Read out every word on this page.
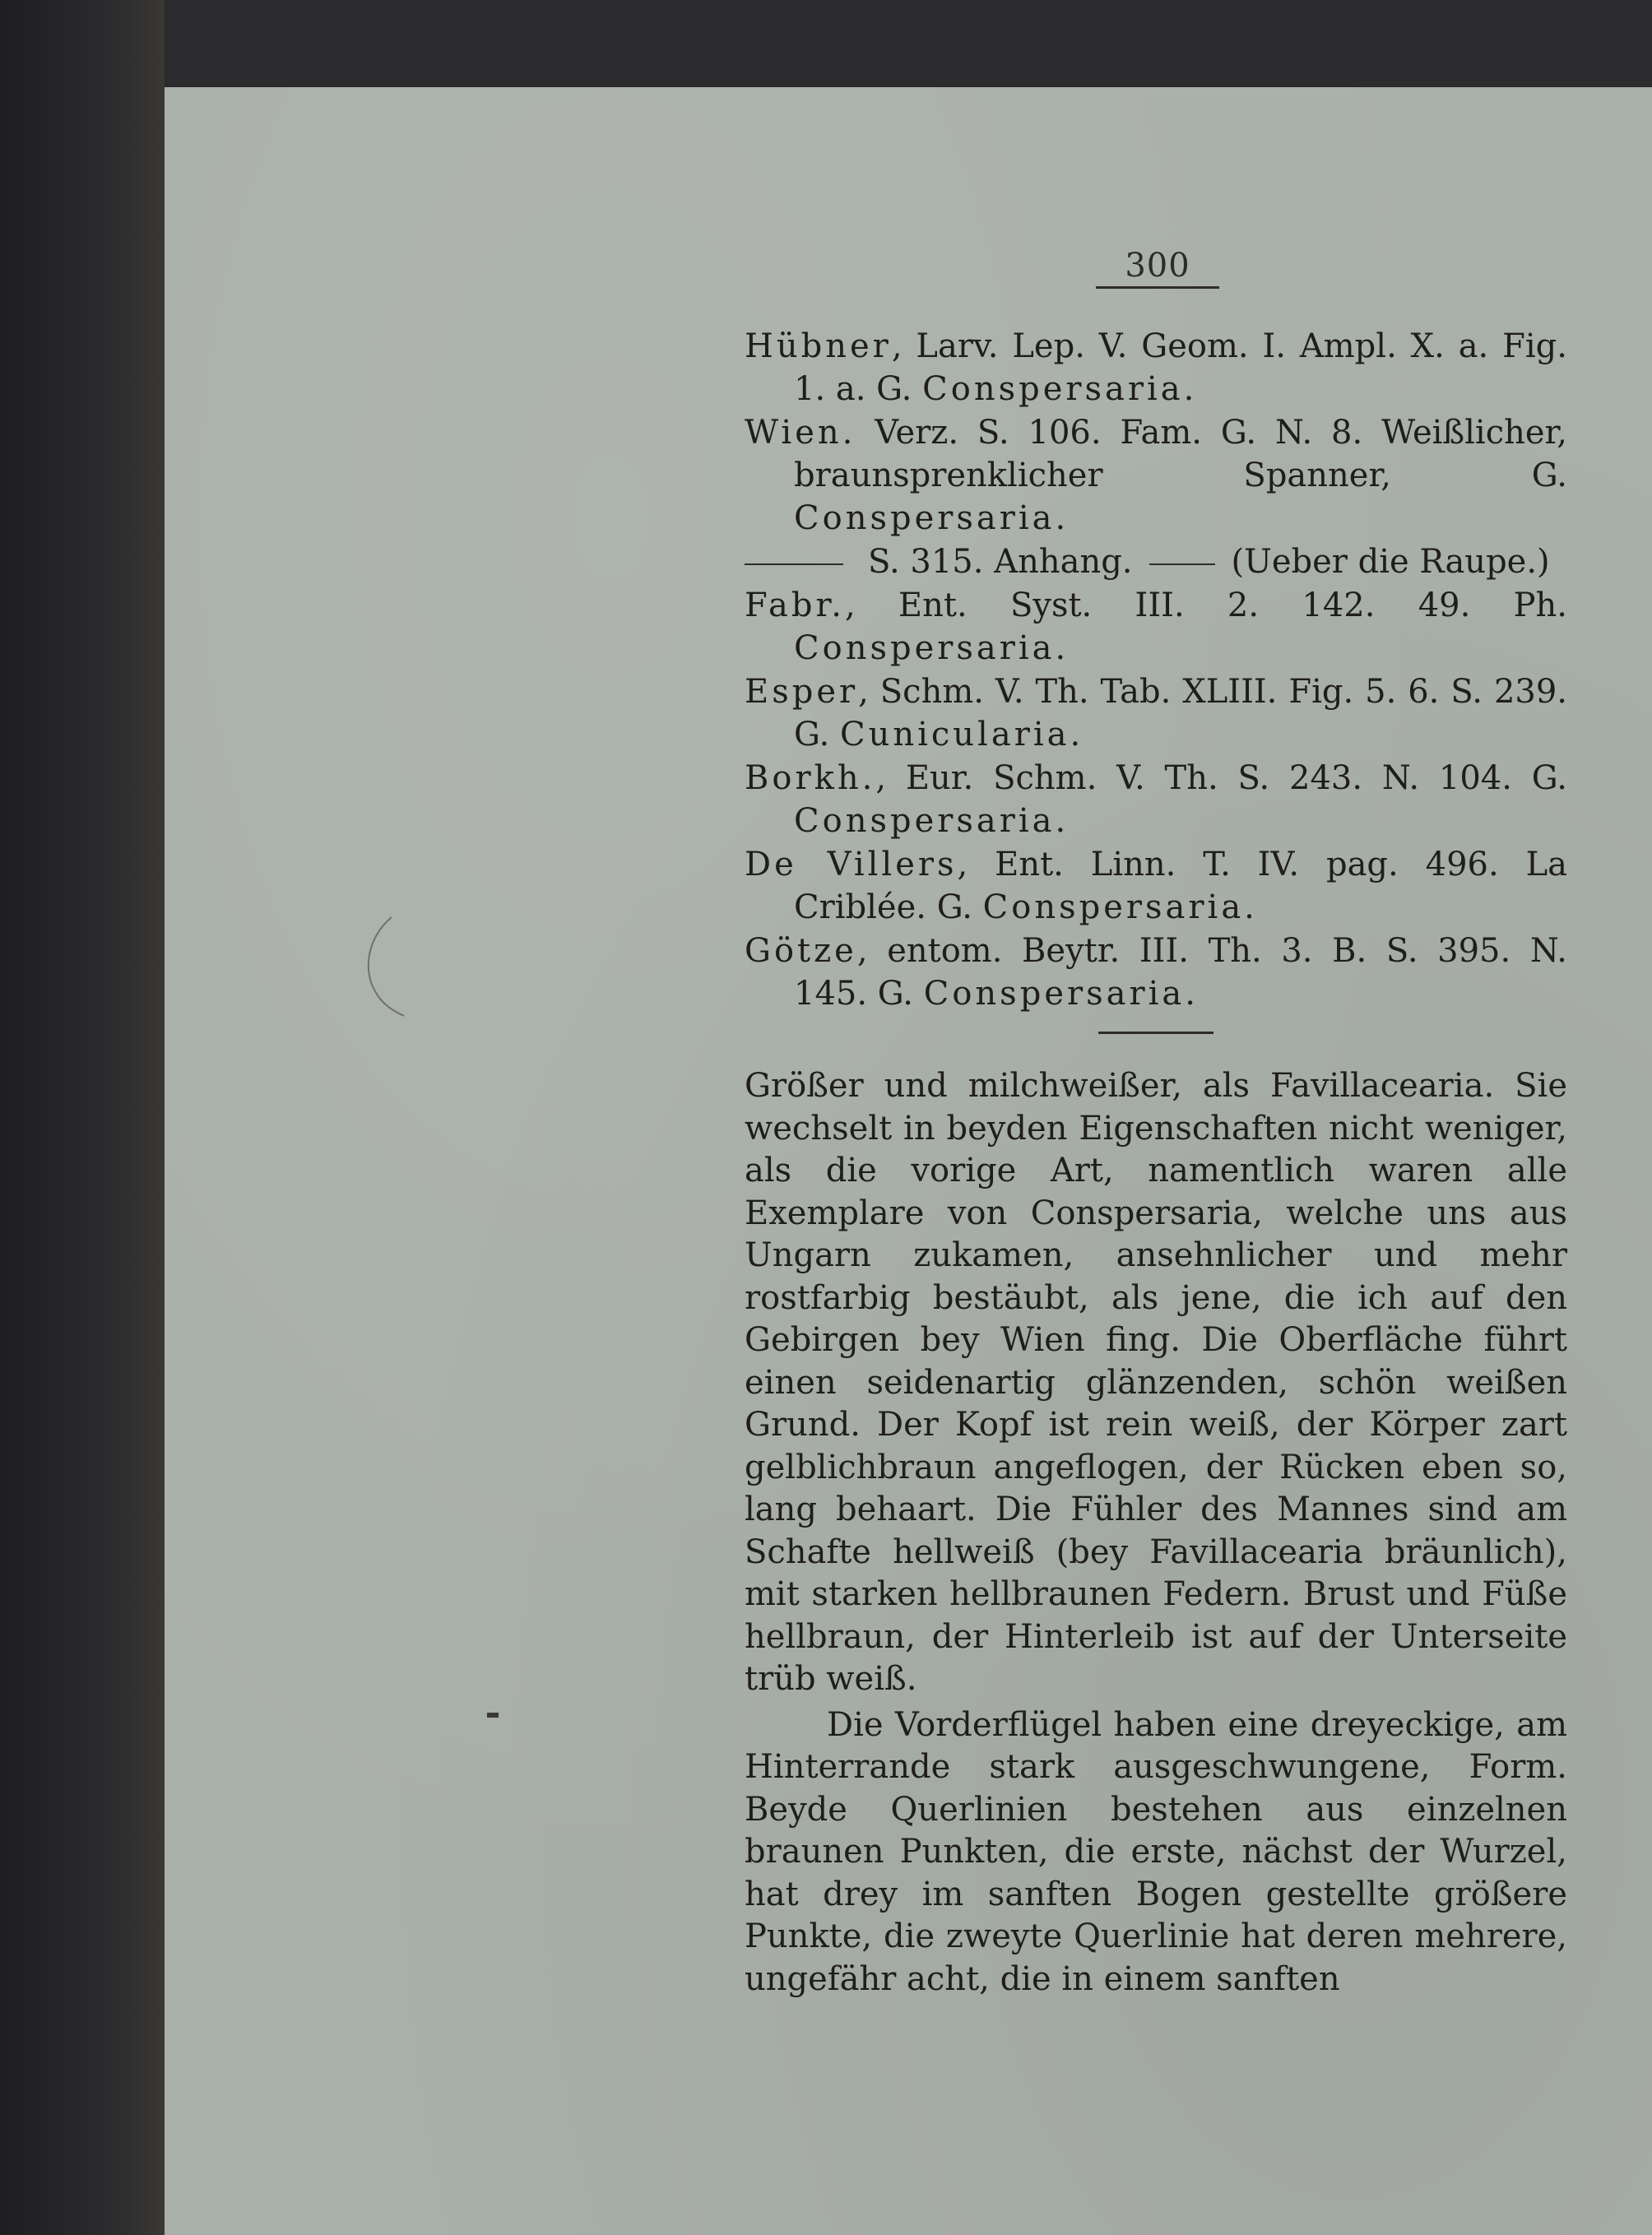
300

Hübner, Larv. Lep. V. Geom. I. Ampl. X. a. Fig. 1. a. G. Conspersaria.

Wien. Verz. S. 106. Fam. G. N. 8. Weißlicher, braunsprenklicher Spanner, G. Conspersaria.

S. 315. Anhang.	(Ueber die Raupe.)

Fabr., Ent. Syst. III. 2. 142. 49. Ph. Conspersaria.

Esper, Schm. V. Th. Tab. XLIII. Fig. 5. 6. S. 239. G. Cunicularia.

Borkh., Eur. Schm. V. Th. S. 243. N. 104. G. Conspersaria.

De Villers, Ent. Linn. T. IV. pag. 496. La Criblée. G. Conspersaria.

Götze, entom. Beytr. III. Th. 3. B. S. 395. N. 145. G. Conspersaria.

Größer und milchweißer, als Favillacearia. Sie wechselt in beyden Eigenschaften nicht weniger, als die vorige Art, namentlich waren alle Exemplare von Conspersaria, welche uns aus Ungarn zukamen, ansehnlicher und mehr rostfarbig bestäubt, als jene, die ich auf den Gebirgen bey Wien fing. Die Oberfläche führt einen seidenartig glänzenden, schön weißen Grund. Der Kopf ist rein weiß, der Körper zart gelblichbraun angeflogen, der Rücken eben so, lang behaart. Die Fühler des Mannes sind am Schafte hellweiß (bey Favillacearia bräunlich), mit starken hellbraunen Federn. Brust und Füße hellbraun, der Hinterleib ist auf der Unterseite trüb weiß.

Die Vorderflügel haben eine dreyeckige, am Hinterrande stark ausgeschwungene, Form. Beyde Querlinien bestehen aus einzelnen braunen Punkten, die erste, nächst der Wurzel, hat drey im sanften Bogen gestellte größere Punkte, die zweyte Querlinie hat deren mehrere, ungefähr acht, die in einem sanften
